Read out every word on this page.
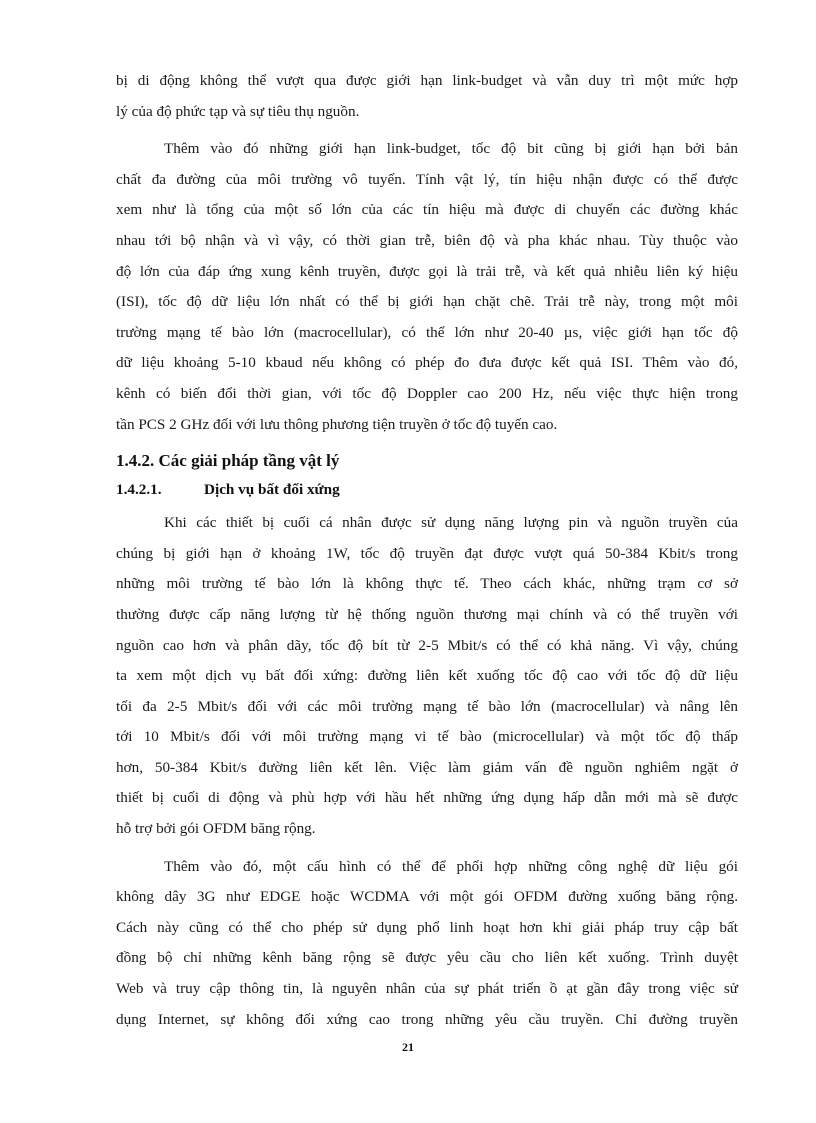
bị di động không thể vượt qua được giới hạn link-budget và vẫn duy trì một mức hợp
lý của độ phức tạp và sự tiêu thụ nguồn.
Thêm vào đó những giới hạn link-budget, tốc độ bit cũng bị giới hạn bởi bản
chất đa đường của môi trường vô tuyến. Tính vật lý, tín hiệu nhận được có thể được
xem như là tổng của một số lớn của các tín hiệu mà được di chuyển các đường khác
nhau tới bộ nhận và vì vậy, có thời gian trễ, biên độ và pha khác nhau. Tùy thuộc vào
độ lớn của đáp ứng xung kênh truyền, được gọi là trải trễ, và kết quả nhiễu liên ký hiệu
(ISI), tốc độ dữ liệu lớn nhất có thể bị giới hạn chặt chẽ. Trải trễ này, trong một môi
trường mạng tế bào lớn (macrocellular), có thể lớn như 20-40 µs, việc giới hạn tốc độ
dữ liệu khoảng 5-10 kbaud nếu không có phép đo đưa được kết quả ISI. Thêm vào đó,
kênh có biến đổi thời gian, với tốc độ Doppler cao 200 Hz, nếu việc thực hiện trong
tần PCS 2 GHz đối với lưu thông phương tiện truyền ở tốc độ tuyến cao.
1.4.2. Các giải pháp tầng vật lý
1.4.2.1.	Dịch vụ bất đối xứng
Khi các thiết bị cuối cá nhân được sử dụng năng lượng pin và nguồn truyền của
chúng bị giới hạn ở khoảng 1W, tốc độ truyền đạt được vượt quá 50-384 Kbit/s trong
những môi trường tế bào lớn là không thực tế. Theo cách khác, những trạm cơ sở
thường được cấp năng lượng từ hệ thống nguồn thương mại chính và có thể truyền với
nguồn cao hơn và phân dãy, tốc độ bít từ 2-5 Mbit/s có thể có khả năng. Vì vậy, chúng
ta xem một dịch vụ bất đối xứng: đường liên kết xuống tốc độ cao với tốc độ dữ liệu
tối đa 2-5 Mbit/s đối với các môi trường mạng tế bào lớn (macrocellular) và nâng lên
tới 10 Mbit/s đối với môi trường mạng vi tế bào (microcellular) và một tốc độ thấp
hơn, 50-384 Kbit/s đường liên kết lên. Việc làm giảm vấn đề nguồn nghiêm ngặt ở
thiết bị cuối di động và phù hợp với hầu hết những ứng dụng hấp dẫn mới mà sẽ được
hỗ trợ bởi gói OFDM băng rộng.
Thêm vào đó, một cấu hình có thể để phối hợp những công nghệ dữ liệu gói
không dây 3G như EDGE hoặc WCDMA với một gói OFDM đường xuống băng rộng.
Cách này cũng có thể cho phép sử dụng phổ linh hoạt hơn khi giải pháp truy cập bất
đồng bộ chỉ những kênh băng rộng sẽ được yêu cầu cho liên kết xuống. Trình duyệt
Web và truy cập thông tin, là nguyên nhân của sự phát triển ồ ạt gần đây trong việc sử
dụng Internet, sự không đối xứng cao trong những yêu cầu truyền. Chỉ đường truyền
21
